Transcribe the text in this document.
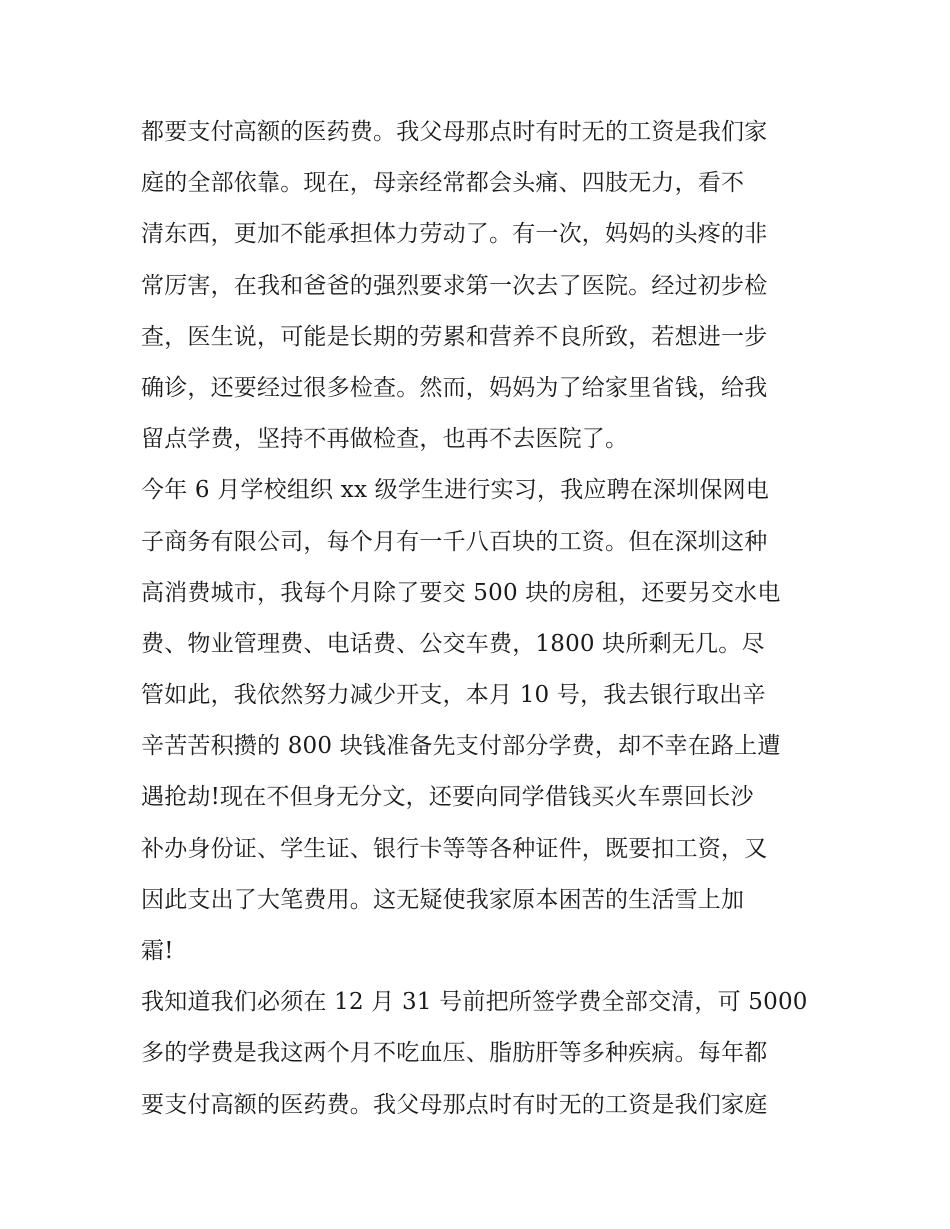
都要支付高额的医药费。我父母那点时有时无的工资是我们家
庭的全部依靠。现在，母亲经常都会头痛、四肢无力，看不
清东西，更加不能承担体力劳动了。有一次，妈妈的头疼的非
常厉害，在我和爸爸的强烈要求第一次去了医院。经过初步检
查，医生说，可能是长期的劳累和营养不良所致，若想进一步
确诊，还要经过很多检查。然而，妈妈为了给家里省钱，给我
留点学费，坚持不再做检查，也再不去医院了。
今年 6 月学校组织 xx 级学生进行实习，我应聘在深圳保网电
子商务有限公司，每个月有一千八百块的工资。但在深圳这种
高消费城市，我每个月除了要交 500 块的房租，还要另交水电
费、物业管理费、电话费、公交车费，1800 块所剩无几。尽
管如此，我依然努力减少开支，本月 10 号，我去银行取出辛
辛苦苦积攒的 800 块钱准备先支付部分学费，却不幸在路上遭
遇抢劫!现在不但身无分文，还要向同学借钱买火车票回长沙
补办身份证、学生证、银行卡等等各种证件，既要扣工资，又
因此支出了大笔费用。这无疑使我家原本困苦的生活雪上加
霜!
我知道我们必须在 12 月 31 号前把所签学费全部交清，可 5000
多的学费是我这两个月不吃血压、脂肪肝等多种疾病。每年都
要支付高额的医药费。我父母那点时有时无的工资是我们家庭
